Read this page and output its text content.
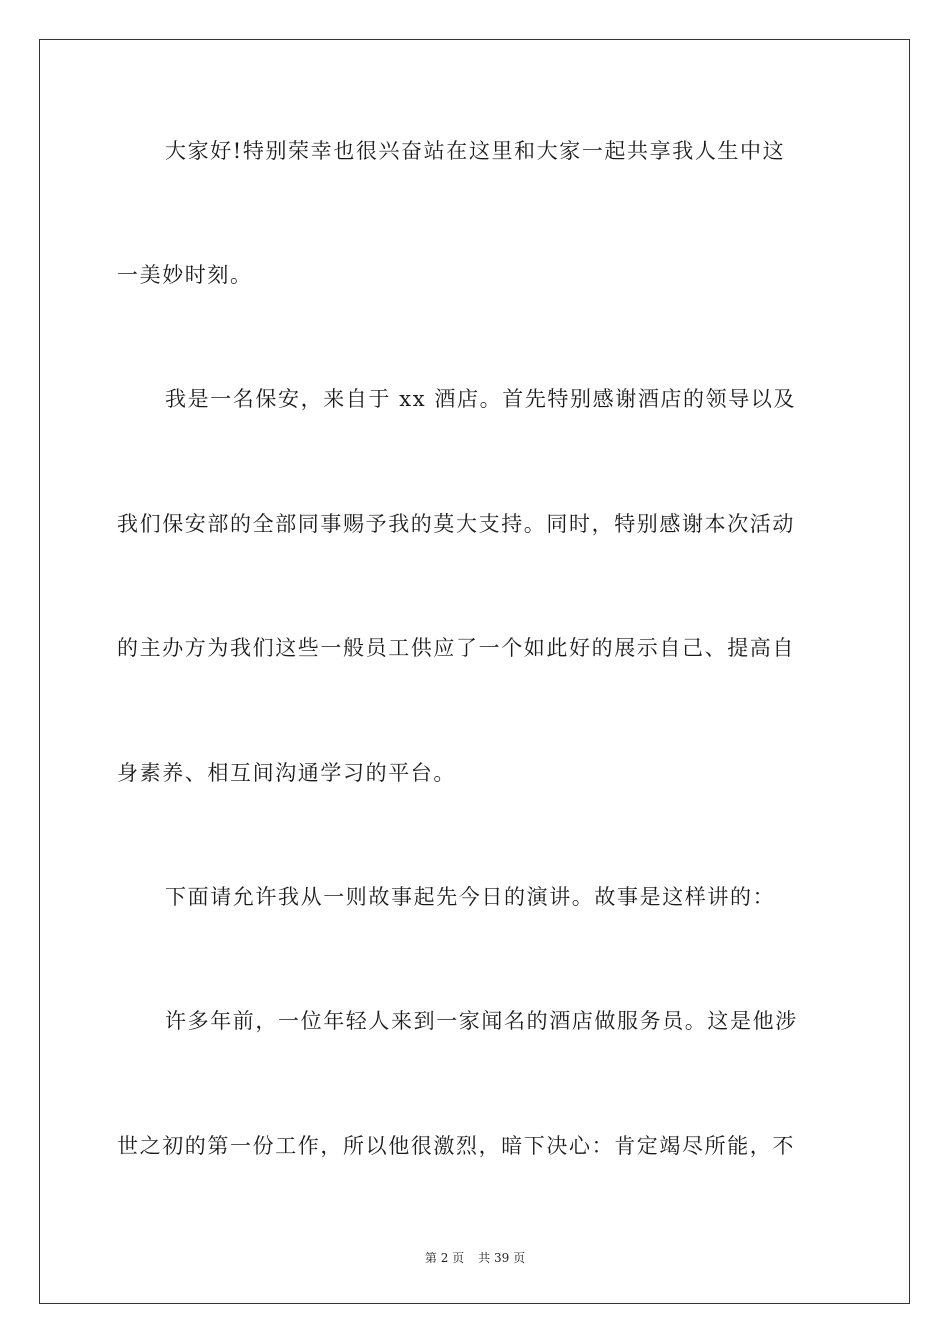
大家好!特别荣幸也很兴奋站在这里和大家一起共享我人生中这
一美妙时刻。
我是一名保安，来自于 xx 酒店。首先特别感谢酒店的领导以及
我们保安部的全部同事赐予我的莫大支持。同时，特别感谢本次活动
的主办方为我们这些一般员工供应了一个如此好的展示自己、提高自
身素养、相互间沟通学习的平台。
下面请允许我从一则故事起先今日的演讲。故事是这样讲的：
许多年前，一位年轻人来到一家闻名的酒店做服务员。这是他涉
世之初的第一份工作，所以他很激烈，暗下决心：肯定竭尽所能，不
第 2 页 共 39 页
